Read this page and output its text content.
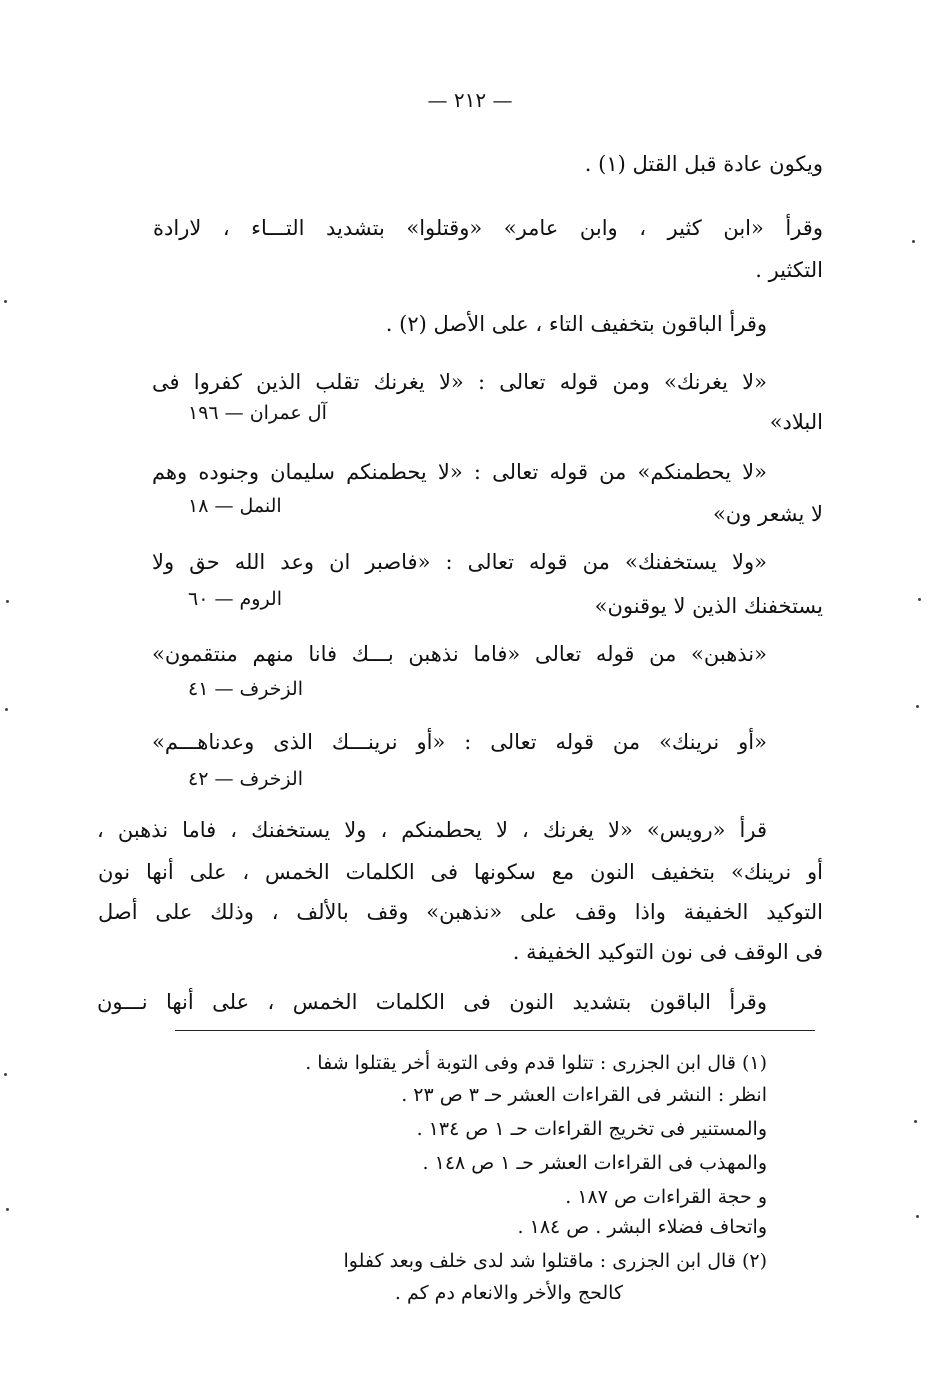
— ٢١٢ —
ويكون عادة قبل القتل (١) .
وقرأ «ابن كثير ، وابن عامر» «وقتلوا» بتشديد التـــاء ، لارادة
التكثير .
وقرأ الباقون بتخفيف التاء ، على الأصل (٢) .
«لا يغرنك» ومن قوله تعالى : «لا يغرنك تقلب الذين كفروا فى
البلاد»
آل عمران — ١٩٦
«لا يحطمنكم» من قوله تعالى : «لا يحطمنكم سليمان وجنوده وهم
لا يشعر ون»
النمل — ١٨
«ولا يستخفنك» من قوله تعالى : «فاصبر ان وعد الله حق ولا
يستخفنك الذين لا يوقنون»
الروم — ٦٠
«نذهبن» من قوله تعالى «فاما نذهبن بـــك فانا منهم منتقمون»
الزخرف — ٤١
«أو نرينك» من قوله تعالى : «أو نرينـــك الذى وعدناهـــم»
الزخرف — ٤٢
قرأ «رويس» «لا يغرنك ، لا يحطمنكم ، ولا يستخفنك ، فاما نذهبن ،
أو نرينك» بتخفيف النون مع سكونها فى الكلمات الخمس ، على أنها نون
التوكيد الخفيفة واذا وقف على «نذهبن» وقف بالألف ، وذلك على أصل
فى الوقف فى نون التوكيد الخفيفة .
وقرأ الباقون بتشديد النون فى الكلمات الخمس ، على أنها نـــون
(١) قال ابن الجزرى : تتلوا قدم وفى التوبة أخر يقتلوا شفا .
انظر : النشر فى القراءات العشر حـ ٣ ص ٢٣ .
والمستنير فى تخريج القراءات حـ ١ ص ١٣٤ .
والمهذب فى القراءات العشر حـ ١ ص ١٤٨ .
و حجة القراءات ص ١٨٧ .
واتحاف فضلاء البشر . ص ١٨٤ .
(٢) قال ابن الجزرى : ماقتلوا شد لدى خلف وبعد كفلوا
كالحج والأخر والانعام دم كم .
